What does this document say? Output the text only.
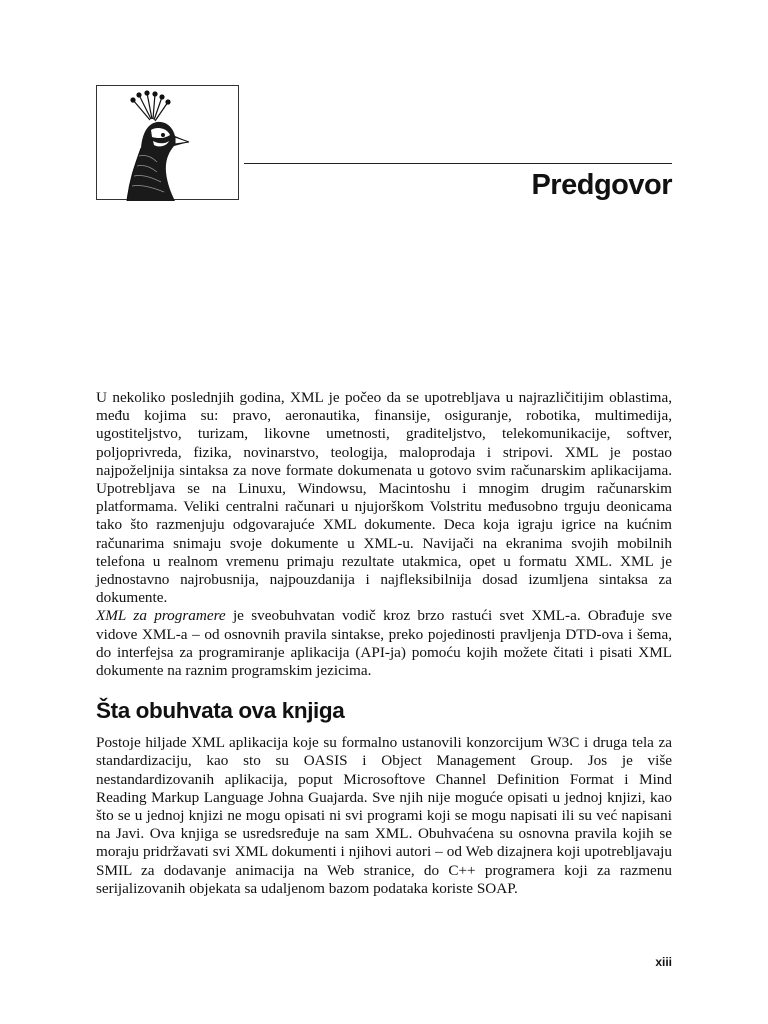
Predgovor

U nekoliko poslednjih godina, XML je počeo da se upotrebljava u najrazličitijim oblastima, među kojima su: pravo, aeronautika, finansije, osiguranje, robotika, multimedija, ugostiteljstvo, turizam, likovne umetnosti, graditeljstvo, telekomunikacije, softver, poljoprivreda, fizika, novinarstvo, teologija, maloprodaja i stripovi. XML je postao najpoželjnija sintaksa za nove formate dokumenata u gotovo svim računarskim aplikacijama. Upotrebljava se na Linuxu, Windowsu, Macintoshu i mnogim drugim računarskim platformama. Veliki centralni računari u njujorškom Volstritu međusobno trguju deonicama tako što razmenjuju odgovarajuće XML dokumente. Deca koja igraju igrice na kućnim računarima snimaju svoje dokumente u XML-u. Navijači na ekranima svojih mobilnih telefona u realnom vremenu primaju rezultate utakmica, opet u formatu XML. XML je jednostavno najrobusnija, najpouzdanija i najfleksibilnija dosad izumljena sintaksa za dokumente.

XML za programere je sveobuhvatan vodič kroz brzo rastući svet XML-a. Obrađuje sve vidove XML-a – od osnovnih pravila sintakse, preko pojedinosti pravljenja DTD-ova i šema, do interfejsa za programiranje aplikacija (API-ja) pomoću kojih možete čitati i pisati XML dokumente na raznim programskim jezicima.

Šta obuhvata ova knjiga

Postoje hiljade XML aplikacija koje su formalno ustanovili konzorcijum W3C i druga tela za standardizaciju, kao sto su OASIS i Object Management Group. Jos je više nestandardizovanih aplikacija, poput Microsoftove Channel Definition Format i Mind Reading Markup Language Johna Guajarda. Sve njih nije moguće opisati u jednoj knjizi, kao što se u jednoj knjizi ne mogu opisati ni svi programi koji se mogu napisati ili su već napisani na Javi. Ova knjiga se usredsređuje na sam XML. Obuhvaćena su osnovna pravila kojih se moraju pridržavati svi XML dokumenti i njihovi autori – od Web dizajnera koji upotrebljavaju SMIL za dodavanje animacija na Web stranice, do C++ programera koji za razmenu serijalizovanih objekata sa udaljenom bazom podataka koriste SOAP.

xiii
